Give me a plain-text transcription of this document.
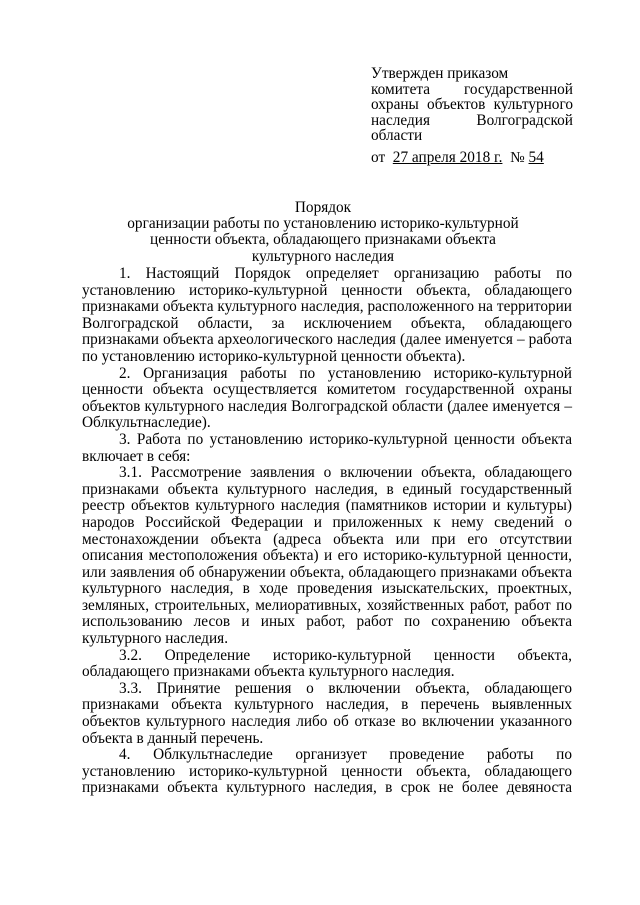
Утвержден приказом
комитета государственной
охраны объектов культурного
наследия Волгоградской
области
от 27 апреля 2018 г. № 54
Порядок
организации работы по установлению историко-культурной
ценности объекта, обладающего признаками объекта
культурного наследия

1. Настоящий Порядок определяет организацию работы по установлению историко-культурной ценности объекта, обладающего признаками объекта культурного наследия, расположенного на территории Волгоградской области, за исключением объекта, обладающего признаками объекта археологического наследия (далее именуется – работа по установлению историко-культурной ценности объекта).

2. Организация работы по установлению историко-культурной ценности объекта осуществляется комитетом государственной охраны объектов культурного наследия Волгоградской области (далее именуется – Облкультнаследие).

3. Работа по установлению историко-культурной ценности объекта включает в себя:

3.1. Рассмотрение заявления о включении объекта, обладающего признаками объекта культурного наследия, в единый государственный реестр объектов культурного наследия (памятников истории и культуры) народов Российской Федерации и приложенных к нему сведений о местонахождении объекта (адреса объекта или при его отсутствии описания местоположения объекта) и его историко-культурной ценности, или заявления об обнаружении объекта, обладающего признаками объекта культурного наследия, в ходе проведения изыскательских, проектных, земляных, строительных, мелиоративных, хозяйственных работ, работ по использованию лесов и иных работ, работ по сохранению объекта культурного наследия.

3.2. Определение историко-культурной ценности объекта, обладающего признаками объекта культурного наследия.

3.3. Принятие решения о включении объекта, обладающего признаками объекта культурного наследия, в перечень выявленных объектов культурного наследия либо об отказе во включении указанного объекта в данный перечень.

4. Облкультнаследие организует проведение работы по установлению историко-культурной ценности объекта, обладающего признаками объекта культурного наследия, в срок не более девяноста
